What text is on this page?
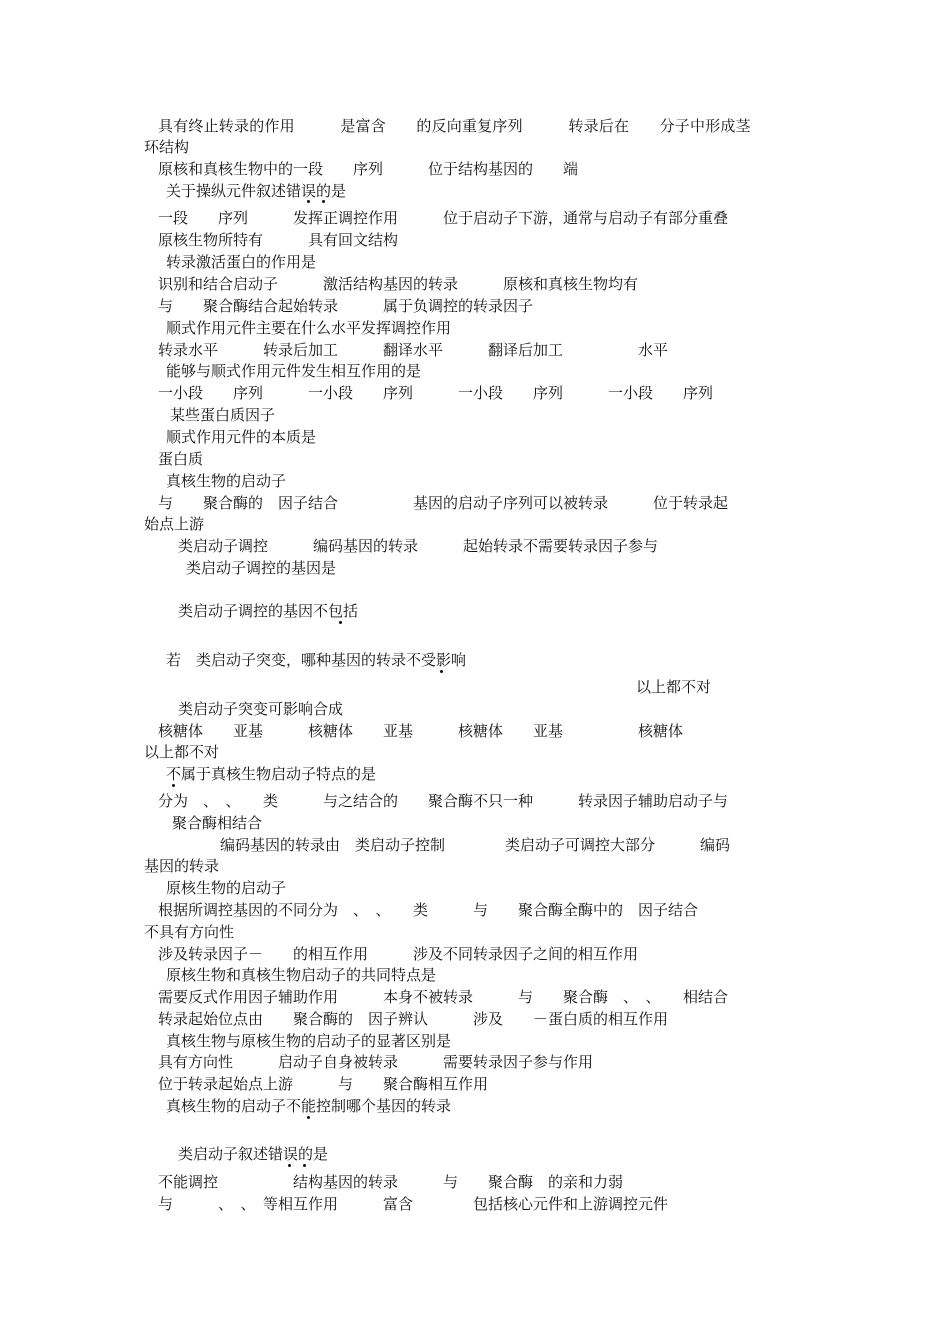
具有终止转录的作用　　　是富含　　的反向重复序列　　　转录后在　　分子中形成茎
环结构
原核和真核生物中的一段　　序列　　　位于结构基因的　　端
关于操纵元件叙述错误的是
一段　　序列　　　发挥正调控作用　　　位于启动子下游，通常与启动子有部分重叠
原核生物所特有　　　具有回文结构
转录激活蛋白的作用是
识别和结合启动子　　　激活结构基因的转录　　　原核和真核生物均有
与　　聚合酶结合起始转录　　　属于负调控的转录因子
顺式作用元件主要在什么水平发挥调控作用
转录水平　　　转录后加工　　　翻译水平　　　翻译后加工　　　　　水平
能够与顺式作用元件发生相互作用的是
一小段　　序列　　　一小段　　序列　　　一小段　　序列　　　一小段　　序列
某些蛋白质因子
顺式作用元件的本质是
蛋白质
真核生物的启动子
与　　聚合酶的　因子结合　　　　　基因的启动子序列可以被转录　　　位于转录起
始点上游
类启动子调控　　　编码基因的转录　　　起始转录不需要转录因子参与
类启动子调控的基因是
类启动子调控的基因不包括
若　类启动子突变，哪种基因的转录不受影响
以上都不对
类启动子突变可影响合成
核糖体　　亚基　　　核糖体　　亚基　　　核糖体　　亚基　　　　　核糖体
以上都不对
不属于真核生物启动子特点的是
分为　、　、　　类　　　与之结合的　　聚合酶不只一种　　　转录因子辅助启动子与
聚合酶相结合
编码基因的转录由　类启动子控制　　　　类启动子可调控大部分　　　编码
基因的转录
原核生物的启动子
根据所调控基因的不同分为　、　、　　类　　　与　　聚合酶全酶中的　因子结合
不具有方向性
涉及转录因子－　　的相互作用　　　涉及不同转录因子之间的相互作用
原核生物和真核生物启动子的共同特点是
需要反式作用因子辅助作用　　　本身不被转录　　　与　　聚合酶　、　、　　相结合
转录起始位点由　　聚合酶的　因子辨认　　　涉及　　－蛋白质的相互作用
真核生物与原核生物的启动子的显著区别是
具有方向性　　　启动子自身被转录　　　需要转录因子参与作用
位于转录起始点上游　　　与　　聚合酶相互作用
真核生物的启动子不能控制哪个基因的转录
类启动子叙述错误的是
不能调控　　　　　结构基因的转录　　　与　　聚合酶　的亲和力弱
与　　　、　、　等相互作用　　　富含　　　　包括核心元件和上游调控元件
